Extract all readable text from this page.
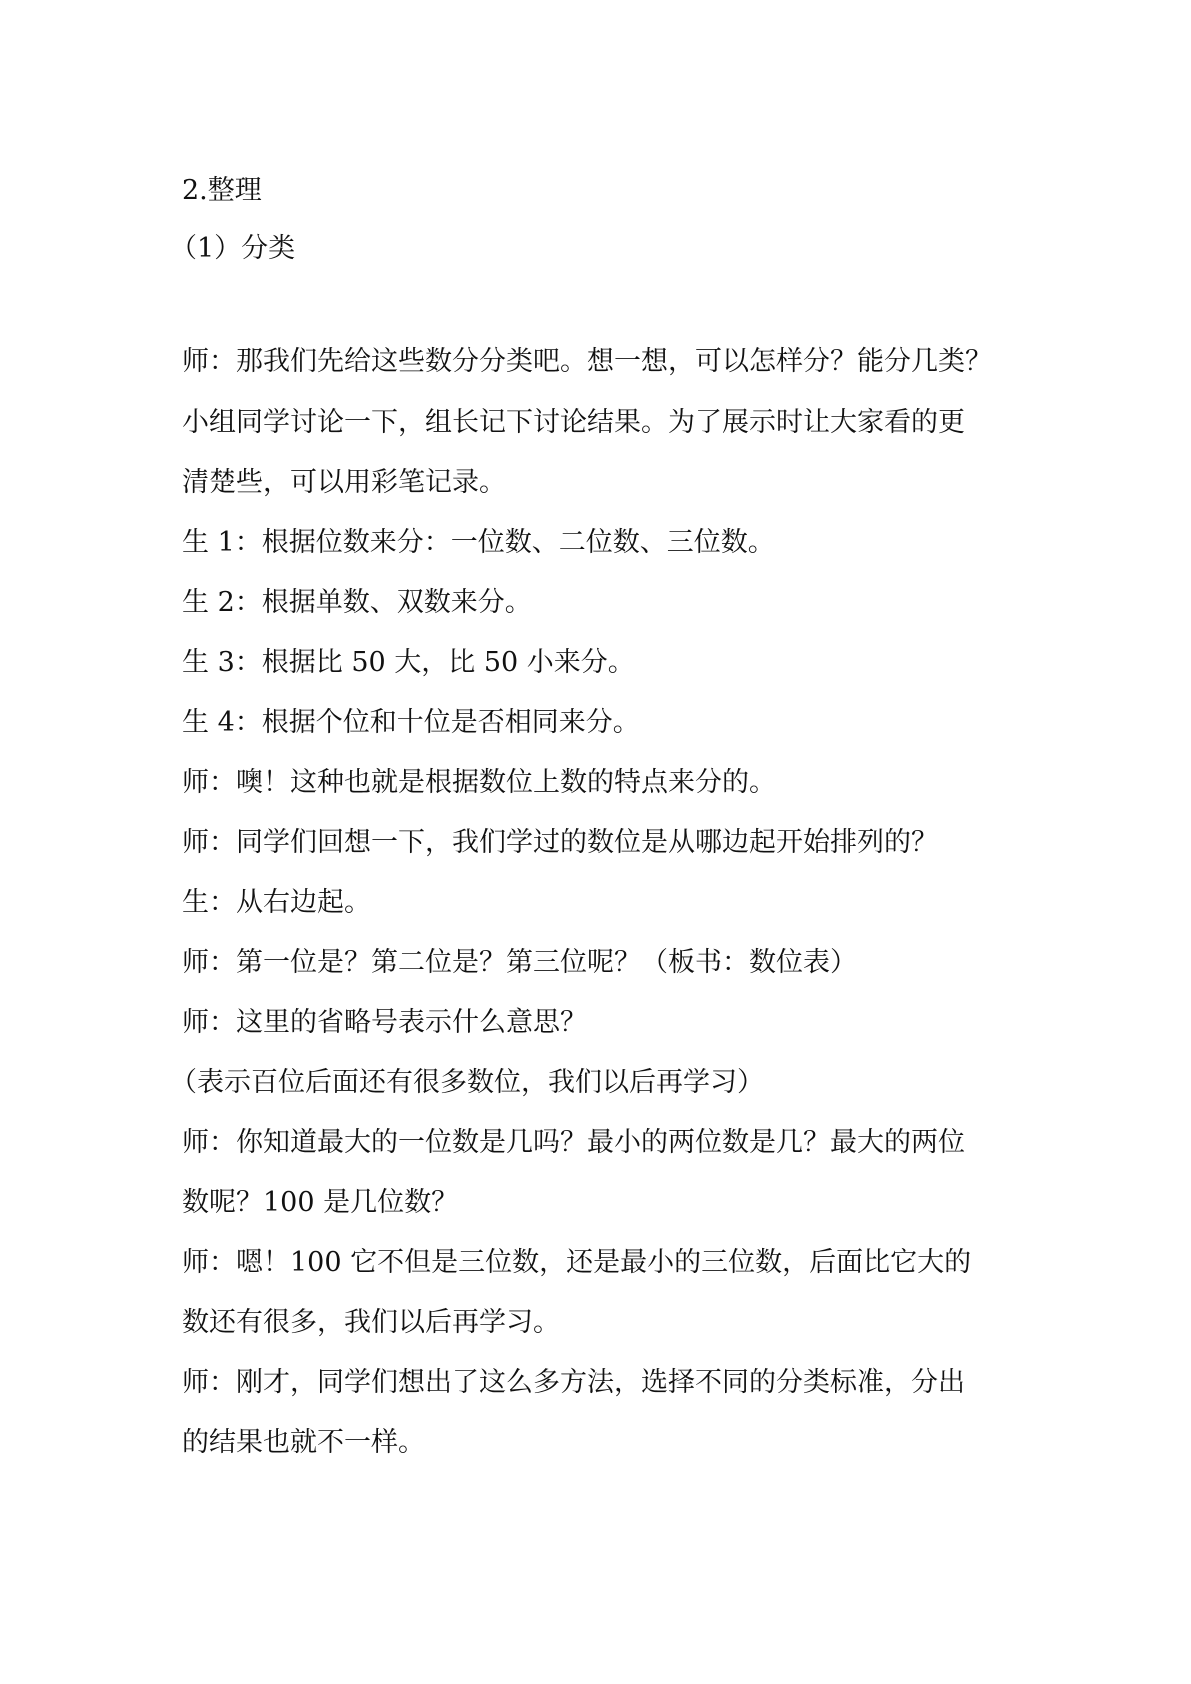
2.整理

（1）分类

师：那我们先给这些数分分类吧。想一想，可以怎样分？能分几类？

小组同学讨论一下，组长记下讨论结果。为了展示时让大家看的更

清楚些，可以用彩笔记录。

生 1：根据位数来分：一位数、二位数、三位数。

生 2：根据单数、双数来分。

生 3：根据比 50 大，比 50 小来分。

生 4：根据个位和十位是否相同来分。

师：噢！这种也就是根据数位上数的特点来分的。

师：同学们回想一下，我们学过的数位是从哪边起开始排列的？

生：从右边起。

师：第一位是？第二位是？第三位呢？（板书：数位表）

师：这里的省略号表示什么意思？

（表示百位后面还有很多数位，我们以后再学习）

师：你知道最大的一位数是几吗？最小的两位数是几？最大的两位

数呢？100 是几位数？

师：嗯！100 它不但是三位数，还是最小的三位数，后面比它大的

数还有很多，我们以后再学习。

师：刚才，同学们想出了这么多方法，选择不同的分类标准，分出

的结果也就不一样。
